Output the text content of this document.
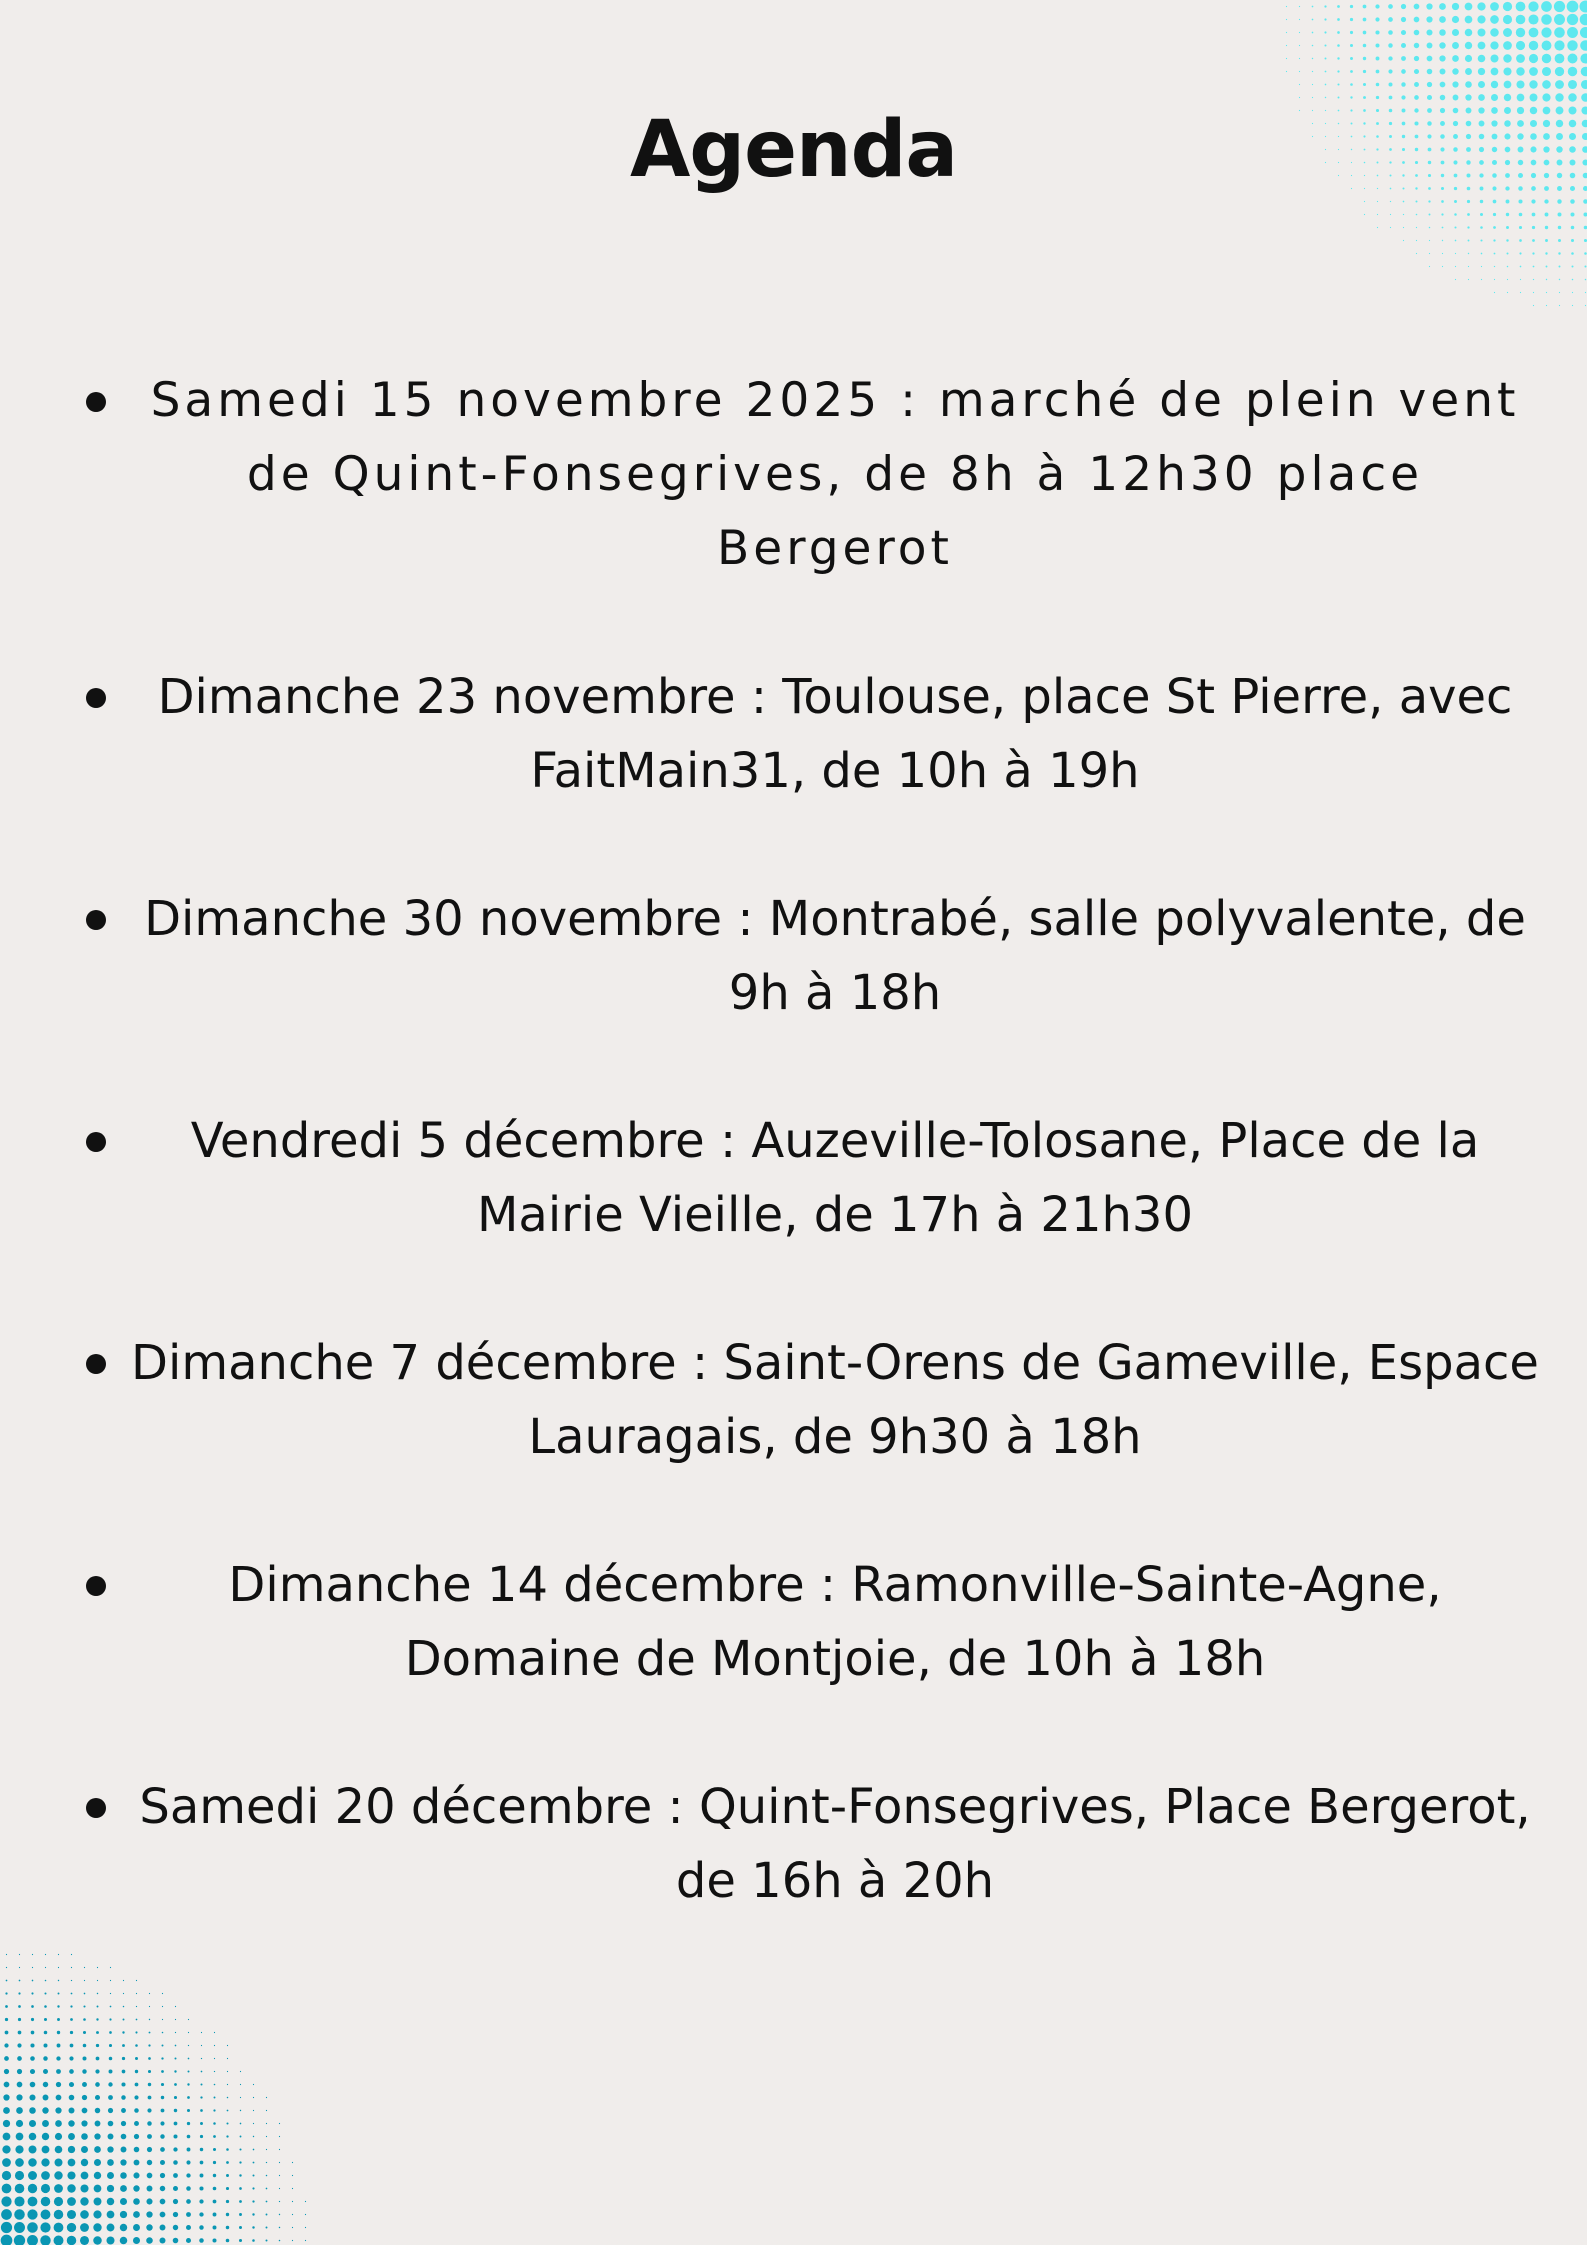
Agenda
Samedi 15 novembre 2025 : marché de plein vent de Quint-Fonsegrives, de 8h à 12h30 place Bergerot
Dimanche 23 novembre : Toulouse, place St Pierre, avec FaitMain31, de 10h à 19h
Dimanche 30 novembre : Montrabé, salle polyvalente, de 9h à 18h
Vendredi 5 décembre : Auzeville-Tolosane, Place de la Mairie Vieille, de 17h à 21h30
Dimanche 7 décembre : Saint-Orens de Gameville, Espace Lauragais, de 9h30 à 18h
Dimanche 14 décembre : Ramonville-Sainte-Agne, Domaine de Montjoie, de 10h à 18h
Samedi 20 décembre : Quint-Fonsegrives, Place Bergerot, de 16h à 20h
